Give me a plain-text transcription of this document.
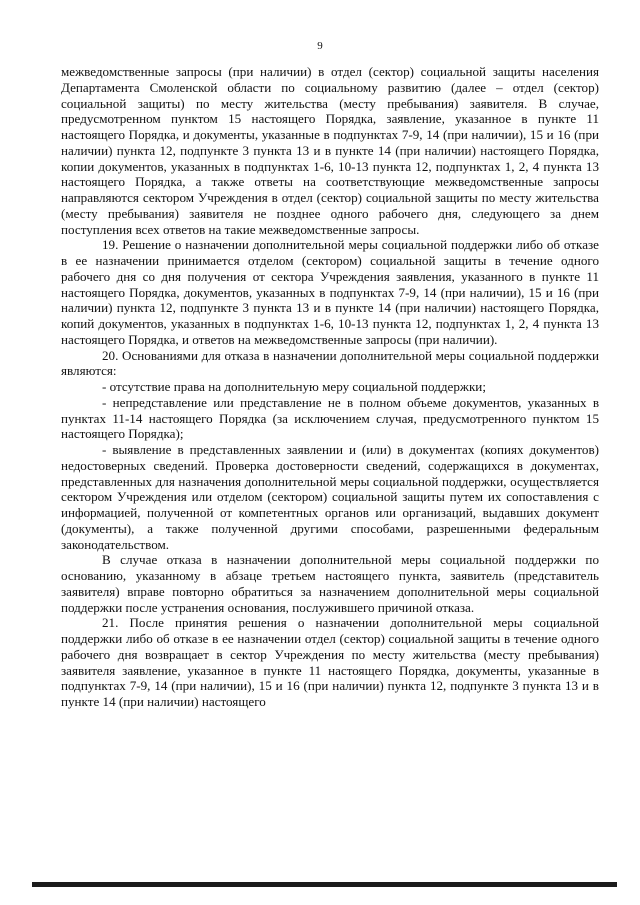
9

межведомственные запросы (при наличии) в отдел (сектор) социальной защиты населения Департамента Смоленской области по социальному развитию (далее – отдел (сектор) социальной защиты) по месту жительства (месту пребывания) заявителя. В случае, предусмотренном пунктом 15 настоящего Порядка, заявление, указанное в пункте 11 настоящего Порядка, и документы, указанные в подпунктах 7-9, 14 (при наличии), 15 и 16 (при наличии) пункта 12, подпункте 3 пункта 13 и в пункте 14 (при наличии) настоящего Порядка, копии документов, указанных в подпунктах 1-6, 10-13 пункта 12, подпунктах 1, 2, 4 пункта 13 настоящего Порядка, а также ответы на соответствующие межведомственные запросы направляются сектором Учреждения в отдел (сектор) социальной защиты по месту жительства (месту пребывания) заявителя не позднее одного рабочего дня, следующего за днем поступления всех ответов на такие межведомственные запросы.

19. Решение о назначении дополнительной меры социальной поддержки либо об отказе в ее назначении принимается отделом (сектором) социальной защиты в течение одного рабочего дня со дня получения от сектора Учреждения заявления, указанного в пункте 11 настоящего Порядка, документов, указанных в подпунктах 7-9, 14 (при наличии), 15 и 16 (при наличии) пункта 12, подпункте 3 пункта 13 и в пункте 14 (при наличии) настоящего Порядка, копий документов, указанных в подпунктах 1-6, 10-13 пункта 12, подпунктах 1, 2, 4 пункта 13 настоящего Порядка, и ответов на межведомственные запросы (при наличии).

20. Основаниями для отказа в назначении дополнительной меры социальной поддержки являются:

- отсутствие права на дополнительную меру социальной поддержки;

- непредставление или представление не в полном объеме документов, указанных в пунктах 11-14 настоящего Порядка (за исключением случая, предусмотренного пунктом 15 настоящего Порядка);

- выявление в представленных заявлении и (или) в документах (копиях документов) недостоверных сведений. Проверка достоверности сведений, содержащихся в документах, представленных для назначения дополнительной меры социальной поддержки, осуществляется сектором Учреждения или отделом (сектором) социальной защиты путем их сопоставления с информацией, полученной от компетентных органов или организаций, выдавших документ (документы), а также полученной другими способами, разрешенными федеральным законодательством.

В случае отказа в назначении дополнительной меры социальной поддержки по основанию, указанному в абзаце третьем настоящего пункта, заявитель (представитель заявителя) вправе повторно обратиться за назначением дополнительной меры социальной поддержки после устранения основания, послужившего причиной отказа.

21. После принятия решения о назначении дополнительной меры социальной поддержки либо об отказе в ее назначении отдел (сектор) социальной защиты в течение одного рабочего дня возвращает в сектор Учреждения по месту жительства (месту пребывания) заявителя заявление, указанное в пункте 11 настоящего Порядка, документы, указанные в подпунктах 7-9, 14 (при наличии), 15 и 16 (при наличии) пункта 12, подпункте 3 пункта 13 и в пункте 14 (при наличии) настоящего
